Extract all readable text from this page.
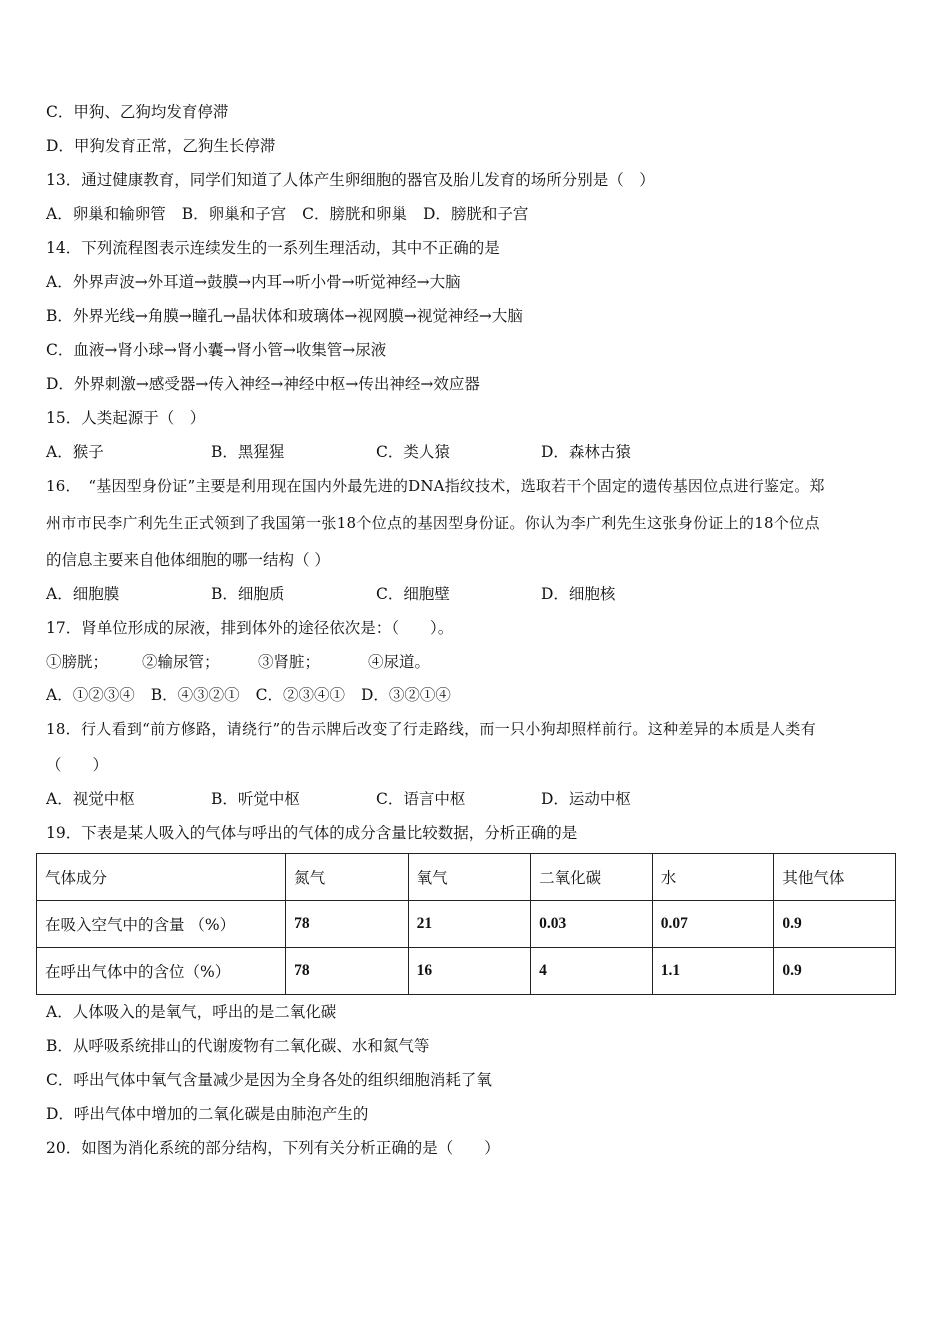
C．甲狗、乙狗均发育停滞
D．甲狗发育正常，乙狗生长停滞
13．通过健康教育，同学们知道了人体产生卵细胞的器官及胎儿发育的场所分别是（　）
A．卵巢和输卵管 B．卵巢和子宫 C．膀胱和卵巢 D．膀胱和子宫
14．下列流程图表示连续发生的一系列生理活动，其中不正确的是
A．外界声波→外耳道→鼓膜→内耳→听小骨→听觉神经→大脑
B．外界光线→角膜→瞳孔→晶状体和玻璃体→视网膜→视觉神经→大脑
C．血液→肾小球→肾小囊→肾小管→收集管→尿液
D．外界刺激→感受器→传入神经→神经中枢→传出神经→效应器
15．人类起源于（　）
A．猴子	B．黑猩猩	C．类人猿	D．森林古猿
16．　“基因型身份证”主要是利用现在国内外最先进的DNA指纹技术，选取若干个固定的遗传基因位点进行鉴定。郑
州市市民李广利先生正式领到了我国第一张18个位点的基因型身份证。你认为李广利先生这张身份证上的18个位点
的信息主要来自他体细胞的哪一结构（ ）
A．细胞膜	B．细胞质	C．细胞壁	D．细胞核
17．肾单位形成的尿液，排到体外的途径依次是：（　　）。
①膀胱； ②输尿管； ③肾脏；	④尿道。
A．①②③④ B．④③②① C．②③④① D．③②①④
18．行人看到“前方修路，请绕行”的告示牌后改变了行走路线，而一只小狗却照样前行。这种差异的本质是人类有
（　　）
A．视觉中枢	B．听觉中枢	C．语言中枢	D．运动中枢
19．下表是某人吸入的气体与呼出的气体的成分含量比较数据，分析正确的是
气体成分	氮气	氧气	二氧化碳	水	其他气体
在吸入空气中的含量 （%）	78	21	0.03	0.07	0.9
在呼出气体中的含位（%）	78	16	4	1.1	0.9
A．人体吸入的是氧气，呼出的是二氧化碳
B．从呼吸系统排山的代谢废物有二氧化碳、水和氮气等
C．呼出气体中氧气含量减少是因为全身各处的组织细胞消耗了氧
D．呼出气体中增加的二氧化碳是由肺泡产生的
20．如图为消化系统的部分结构，下列有关分析正确的是（　　）
